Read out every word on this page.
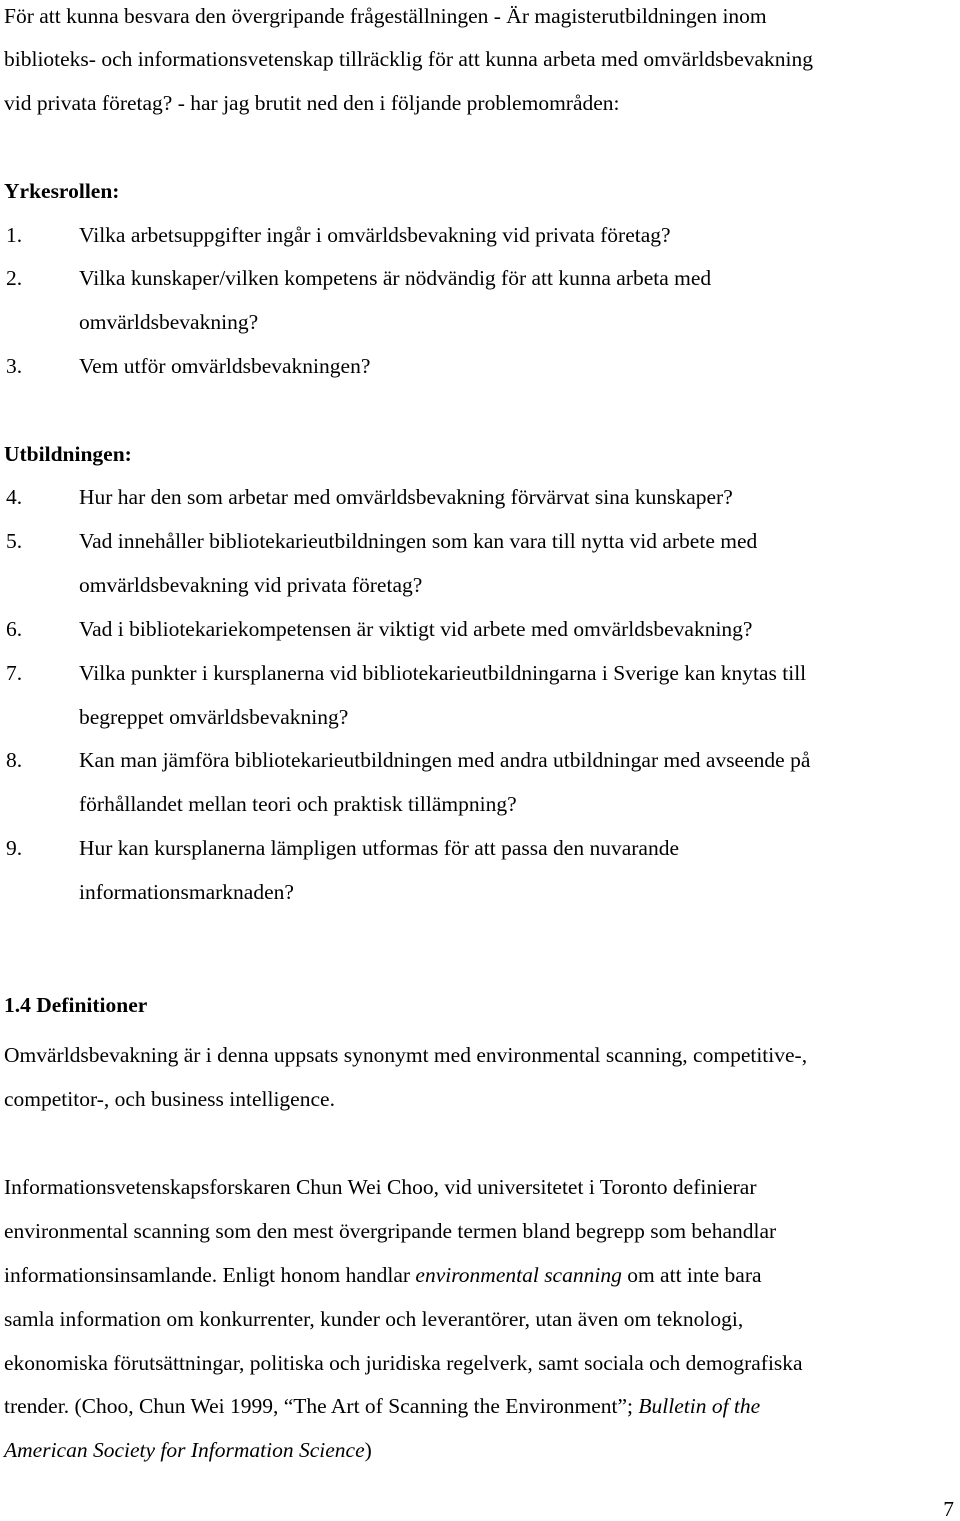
För att kunna besvara den övergripande frågeställningen - Är magisterutbildningen inom
biblioteks- och informationsvetenskap tillräcklig för att kunna arbeta med omvärldsbevakning
vid privata företag? - har jag brutit ned den i följande problemområden:
Yrkesrollen:
1.	Vilka arbetsuppgifter ingår i omvärldsbevakning vid privata företag?
2.	Vilka kunskaper/vilken kompetens är nödvändig för att kunna arbeta med
omvärldsbevakning?
3.	Vem utför omvärldsbevakningen?
Utbildningen:
4.	Hur har den som arbetar med omvärldsbevakning förvärvat sina kunskaper?
5.	Vad innehåller bibliotekarieutbildningen som kan vara till nytta vid arbete med
omvärldsbevakning vid privata företag?
6.	Vad i bibliotekariekompetensen är viktigt vid arbete med omvärldsbevakning?
7.	Vilka punkter i kursplanerna vid bibliotekarieutbildningarna i Sverige kan knytas till
begreppet omvärldsbevakning?
8.	Kan man jämföra bibliotekarieutbildningen med andra utbildningar med avseende på
förhållandet mellan teori och praktisk tillämpning?
9.	Hur kan kursplanerna lämpligen utformas för att passa den nuvarande
informationsmarknaden?
1.4 Definitioner
Omvärldsbevakning är i denna uppsats synonymt med environmental scanning, competitive-,
competitor-, och business intelligence.
Informationsvetenskapsforskaren Chun Wei Choo, vid universitetet i Toronto definierar
environmental scanning som den mest övergripande termen bland begrepp som behandlar
informationsinsamlande. Enligt honom handlar environmental scanning om att inte bara
samla information om konkurrenter, kunder och leverantörer, utan även om teknologi,
ekonomiska förutsättningar, politiska och juridiska regelverk, samt sociala och demografiska
trender. (Choo, Chun Wei 1999, “The Art of Scanning the Environment”; Bulletin of the
American Society for Information Science)
7
